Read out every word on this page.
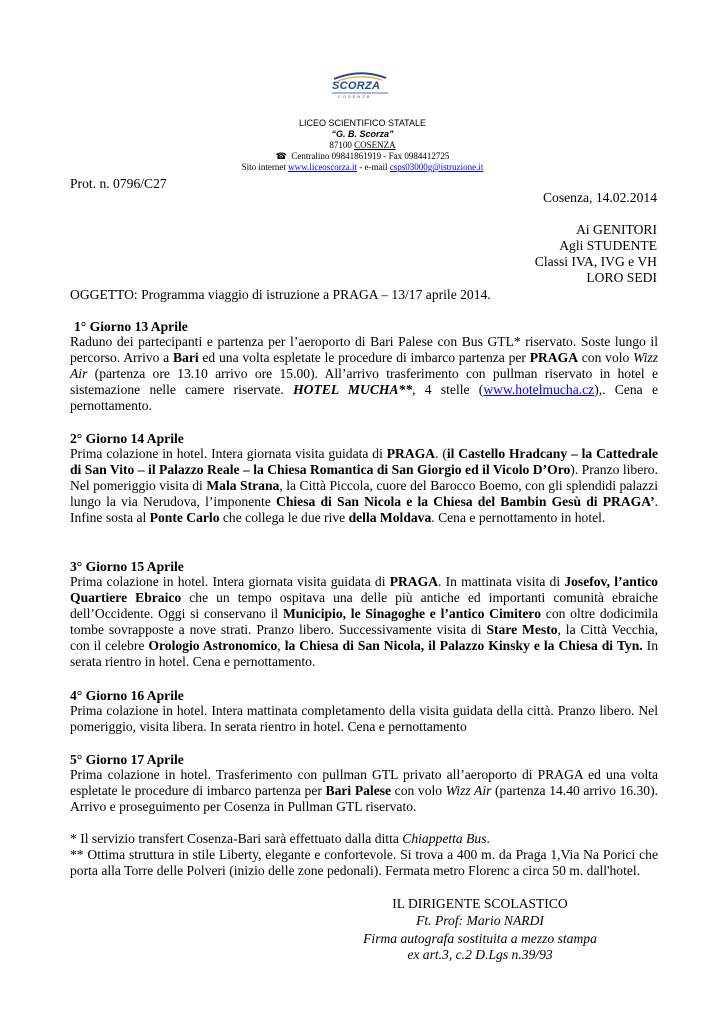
SCORZA
COSENZA
LICEO SCIENTIFICO STATALE
“G. B. Scorza”
87100 COSENZA
☎ Centralino 09841861919 - Fax 0984412725
Sito internet www.liceoscorza.it - e-mail csps03000g@istruzione.it
Prot. n. 0796/C27
Cosenza, 14.02.2014
Ai GENITORI
Agli STUDENTE
Classi IVA, IVG e VH
LORO SEDI
OGGETTO: Programma viaggio di istruzione a PRAGA – 13/17 aprile 2014.
1° Giorno 13 Aprile

Raduno dei partecipanti e partenza per l’aeroporto di Bari Palese con Bus GTL* riservato. Soste lungo il percorso. Arrivo a Bari ed una volta espletate le procedure di imbarco partenza per PRAGA con volo Wizz Air (partenza ore 13.10 arrivo ore 15.00). All’arrivo trasferimento con pullman riservato in hotel e sistemazione nelle camere riservate. HOTEL MUCHA**, 4 stelle (www.hotelmucha.cz),. Cena e pernottamento.

2° Giorno 14 Aprile

Prima colazione in hotel. Intera giornata visita guidata di PRAGA. (il Castello Hradcany – la Cattedrale di San Vito – il Palazzo Reale – la Chiesa Romantica di San Giorgio ed il Vicolo D’Oro). Pranzo libero. Nel pomeriggio visita di Mala Strana, la Città Piccola, cuore del Barocco Boemo, con gli splendidi palazzi lungo la via Nerudova, l’imponente Chiesa di San Nicola e la Chiesa del Bambin Gesù di PRAGA’. Infine sosta al Ponte Carlo che collega le due rive della Moldava. Cena e pernottamento in hotel.

3° Giorno 15 Aprile

Prima colazione in hotel. Intera giornata visita guidata di PRAGA. In mattinata visita di Josefov, l’antico Quartiere Ebraico che un tempo ospitava una delle più antiche ed importanti comunità ebraiche dell’Occidente. Oggi si conservano il Municipio, le Sinagoghe e l’antico Cimitero con oltre dodicimila tombe sovrapposte a nove strati. Pranzo libero. Successivamente visita di Stare Mesto, la Città Vecchia, con il celebre Orologio Astronomico, la Chiesa di San Nicola, il Palazzo Kinsky e la Chiesa di Tyn. In serata rientro in hotel. Cena e pernottamento.

4° Giorno 16 Aprile

Prima colazione in hotel. Intera mattinata completamento della visita guidata della città. Pranzo libero. Nel pomeriggio, visita libera. In serata rientro in hotel. Cena e pernottamento

5° Giorno 17 Aprile

Prima colazione in hotel. Trasferimento con pullman GTL privato all’aeroporto di PRAGA ed una volta espletate le procedure di imbarco partenza per Bari Palese con volo Wizz Air (partenza 14.40 arrivo 16.30). Arrivo e proseguimento per Cosenza in Pullman GTL riservato.

* Il servizio transfert Cosenza-Bari sarà effettuato dalla ditta Chiappetta Bus.

** Ottima struttura in stile Liberty, elegante e confortevole. Si trova a 400 m. da Praga 1,Via Na Porici che porta alla Torre delle Polveri (inizio delle zone pedonali). Fermata metro Florenc a circa 50 m. dall'hotel.
IL DIRIGENTE SCOLASTICO
Ft. Prof: Mario NARDI
Firma autografa sostituita a mezzo stampa
ex art.3, c.2 D.Lgs n.39/93
